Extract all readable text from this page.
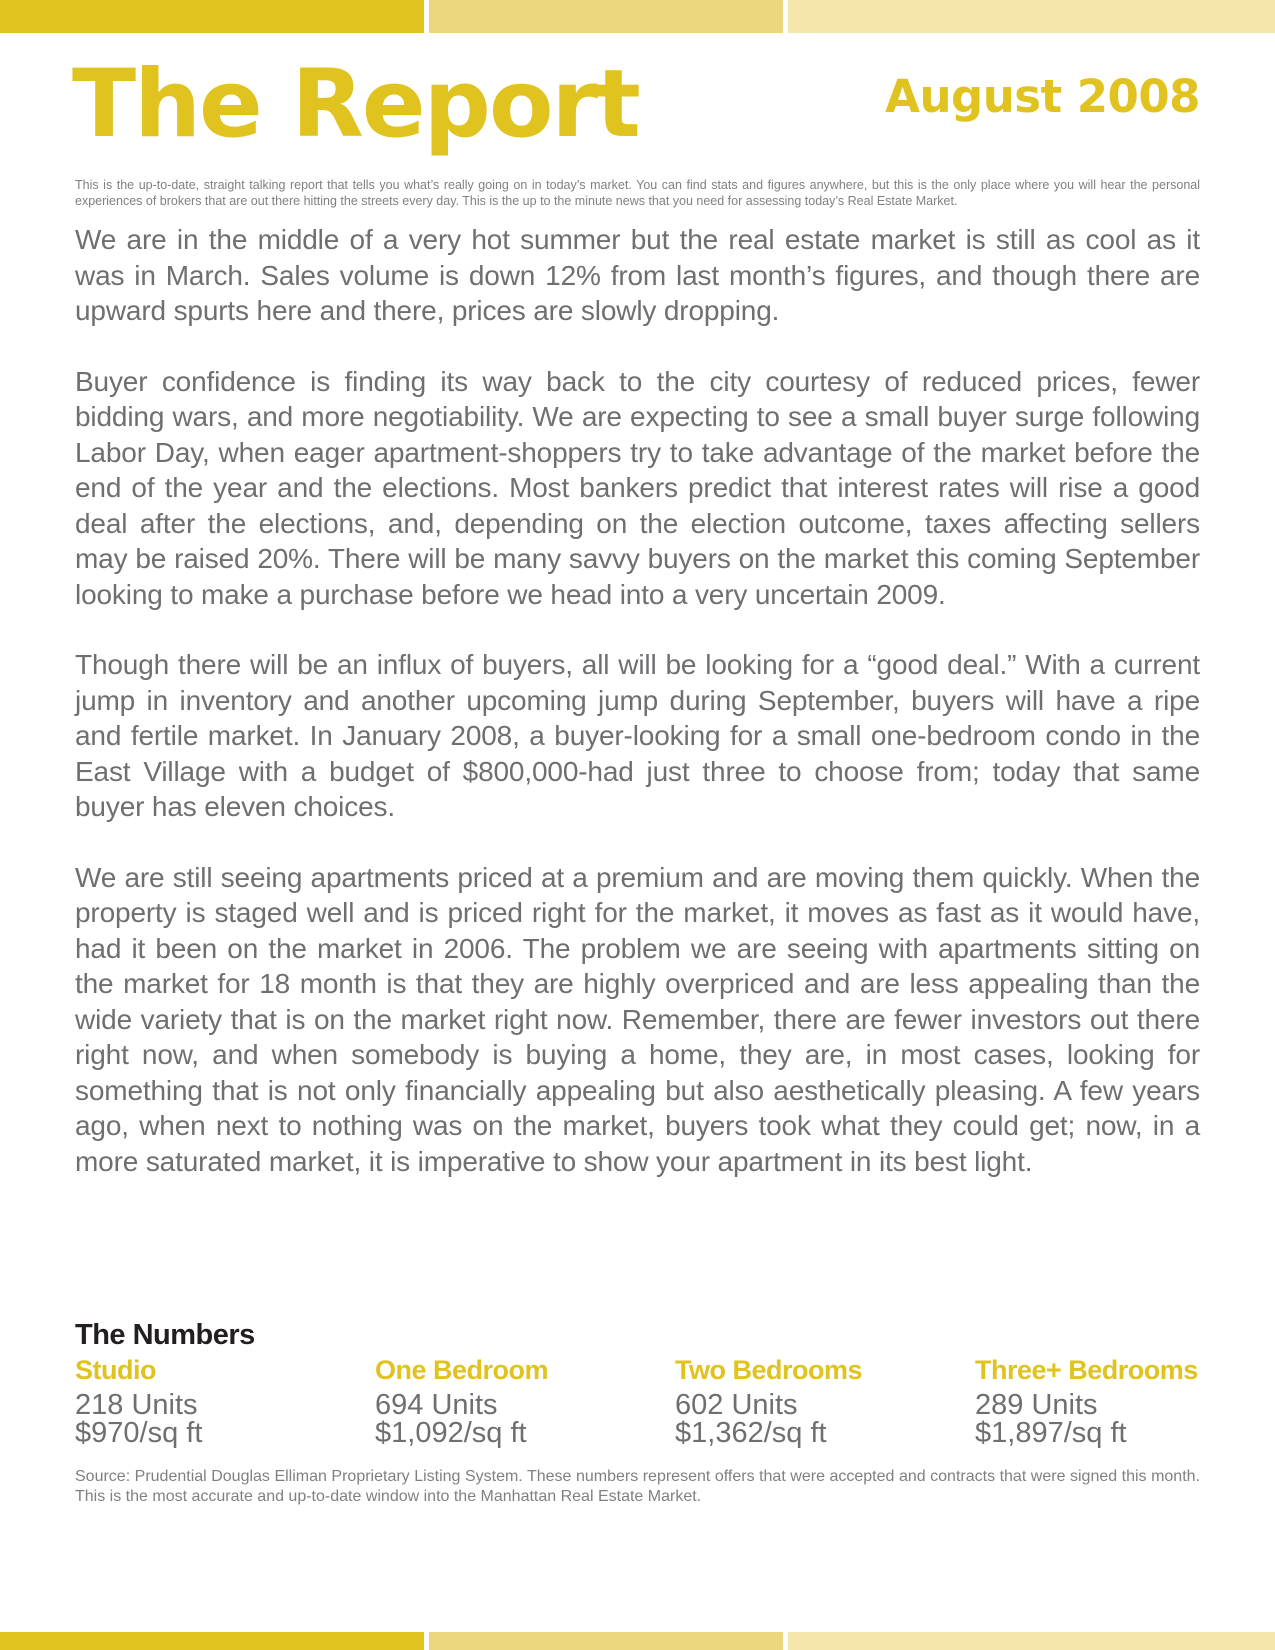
The Report	August 2008

This is the up-to-date, straight talking report that tells you what’s really going on in today’s market. You can find stats and figures anywhere, but this is the only place where you will hear the personal experiences of brokers that are out there hitting the streets every day. This is the up to the minute news that you need for assessing today’s Real Estate Market.

We are in the middle of a very hot summer but the real estate market is still as cool as it was in March. Sales volume is down 12% from last month’s figures, and though there are upward spurts here and there, prices are slowly dropping.

Buyer confidence is finding its way back to the city courtesy of reduced prices, fewer bidding wars, and more negotiability. We are expecting to see a small buyer surge following Labor Day, when eager apartment-shoppers try to take advantage of the market before the end of the year and the elections. Most bankers predict that interest rates will rise a good deal after the elections, and, depending on the election outcome, taxes affecting sellers may be raised 20%. There will be many savvy buyers on the market this coming September looking to make a purchase before we head into a very uncertain 2009.

Though there will be an influx of buyers, all will be looking for a “good deal.” With a current jump in inventory and another upcoming jump during September, buyers will have a ripe and fertile market. In January 2008, a buyer-looking for a small one-bedroom condo in the East Village with a budget of $800,000-had just three to choose from; today that same buyer has eleven choices.

We are still seeing apartments priced at a premium and are moving them quickly. When the property is staged well and is priced right for the market, it moves as fast as it would have, had it been on the market in 2006. The problem we are seeing with apartments sitting on the market for 18 month is that they are highly overpriced and are less appealing than the wide variety that is on the market right now. Remember, there are fewer investors out there right now, and when somebody is buying a home, they are, in most cases, looking for something that is not only financially appealing but also aesthetically pleasing. A few years ago, when next to nothing was on the market, buyers took what they could get; now, in a more saturated market, it is imperative to show your apartment in its best light.

The Numbers
Studio
218 Units
$970/sq ft
One Bedroom
694 Units
$1,092/sq ft
Two Bedrooms
602 Units
$1,362/sq ft
Three+ Bedrooms
289 Units
$1,897/sq ft

Source: Prudential Douglas Elliman Proprietary Listing System. These numbers represent offers that were accepted and contracts that were signed this month. This is the most accurate and up-to-date window into the Manhattan Real Estate Market.
